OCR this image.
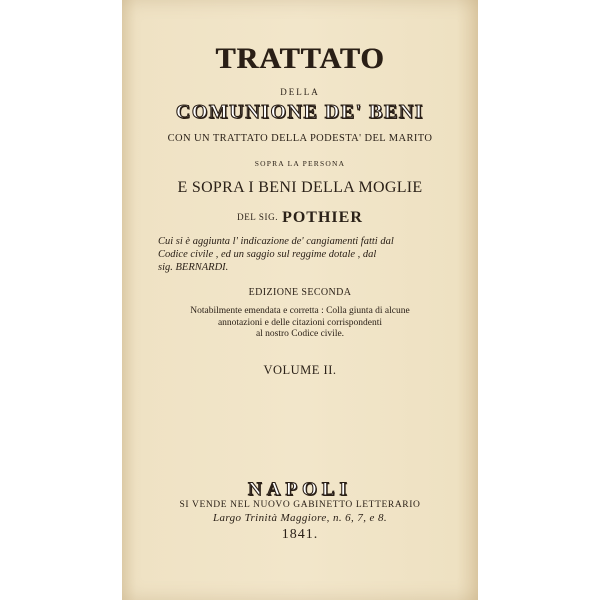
TRATTATO
DELLA
COMUNIONE DE' BENI
CON UN TRATTATO DELLA PODESTA' DEL MARITO
SOPRA LA PERSONA
E SOPRA I BENI DELLA MOGLIE
DEL SIG. POTHIER
Cui si è aggiunta l' indicazione de' cangiamenti fatti dal
Codice civile , ed un saggio sul reggime dotale , dal
sig. BERNARDI.
EDIZIONE SECONDA
Notabilmente emendata e corretta : Colla giunta di alcune
annotazioni e delle citazioni corrispondenti
al nostro Codice civile.
VOLUME II.
NAPOLI
SI VENDE NEL NUOVO GABINETTO LETTERARIO
Largo Trinità Maggiore, n. 6, 7, e 8.
1841.
